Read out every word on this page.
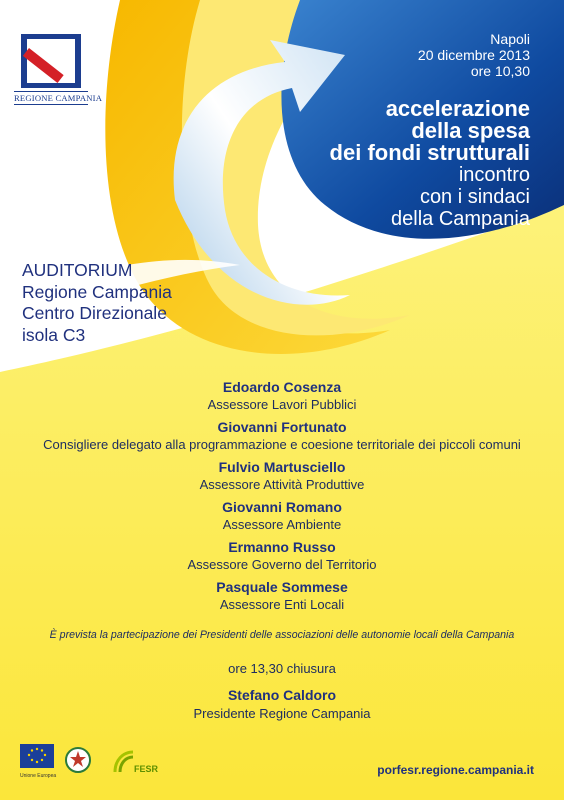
REGIONE CAMPANIA
Napoli
20 dicembre 2013
ore 10,30
accelerazione
della spesa
dei fondi strutturali
incontro
con i sindaci
della Campania
AUDITORIUM
Regione Campania
Centro Direzionale
isola C3
Edoardo Cosenza
Assessore Lavori Pubblici
Giovanni Fortunato
Consigliere delegato alla programmazione e coesione territoriale dei piccoli comuni
Fulvio Martusciello
Assessore Attività Produttive
Giovanni Romano
Assessore Ambiente
Ermanno Russo
Assessore Governo del Territorio
Pasquale Sommese
Assessore Enti Locali
È prevista la partecipazione dei Presidenti delle associazioni delle autonomie locali della Campania
ore 13,30 chiusura
Stefano Caldoro
Presidente Regione Campania
Unione Europea
FESR	porfesr.regione.campania.it
